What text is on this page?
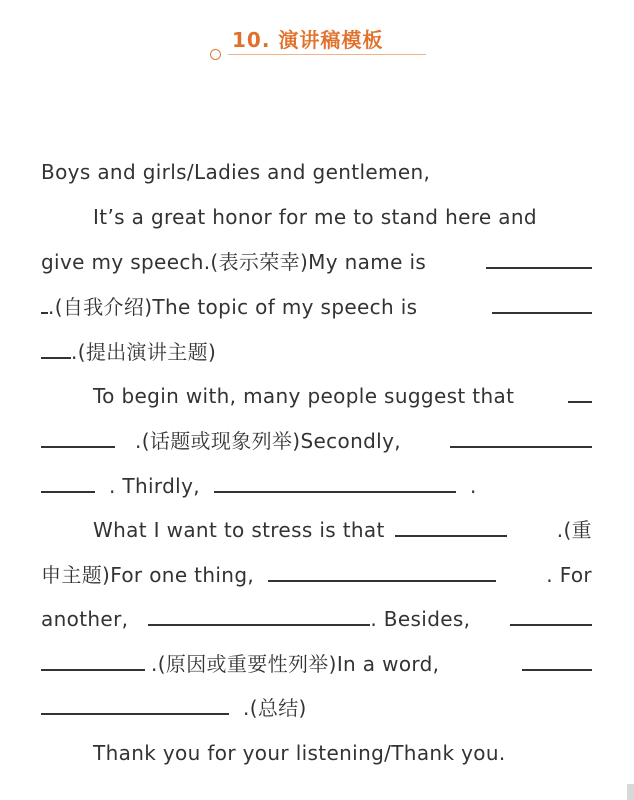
10. 演讲稿模板
Boys and girls/Ladies and gentlemen,
It’s a great honor for me to stand here and
give my speech.(表示荣幸)My name is
.(自我介绍)The topic of my speech is
.(提出演讲主题)
To begin with, many people suggest that
.(话题或现象列举)Secondly,
. Thirdly,	.
What I want to stress is that	.(重
申主题)For one thing,	. For
another,	. Besides,
.(原因或重要性列举)In a word,
.(总结)
Thank you for your listening/Thank you.
